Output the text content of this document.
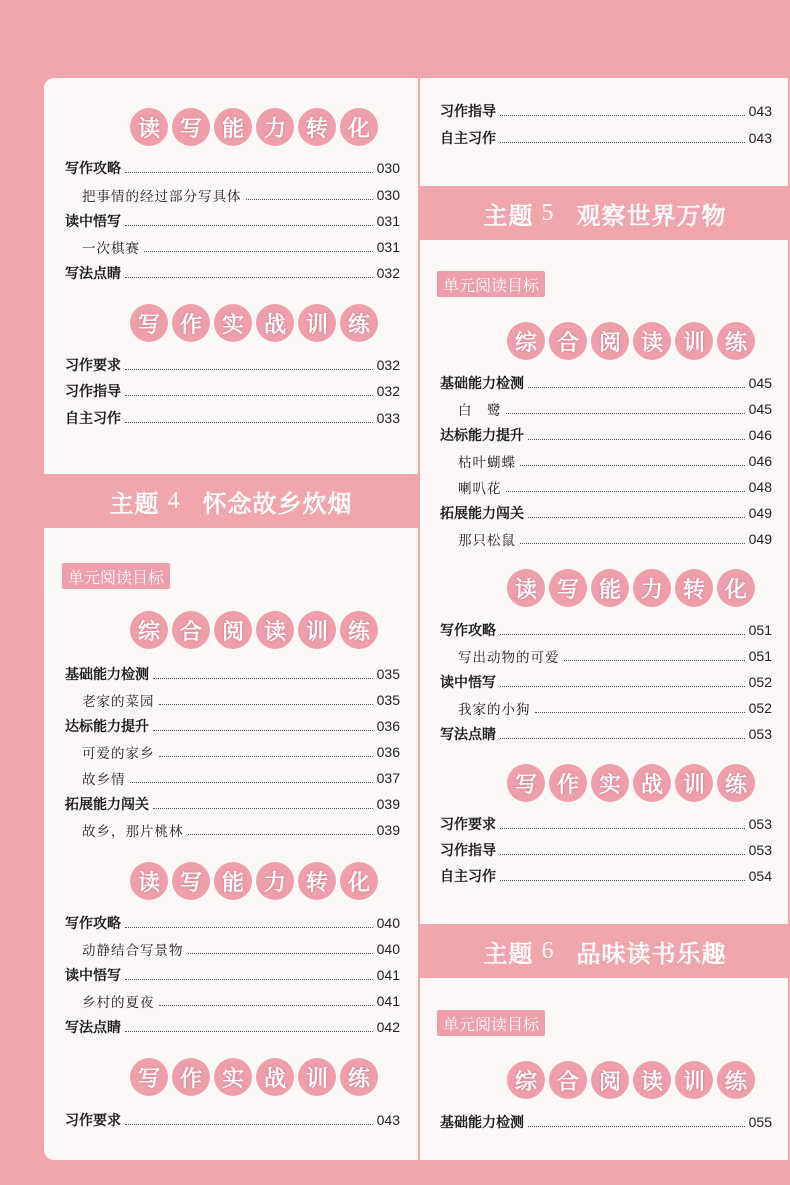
读 写 能 力 转 化
写作攻略	030
把事情的经过部分写具体	030
读中悟写	031
一次棋赛	031
写法点睛	032
写 作 实 战 训 练
习作要求	032
习作指导	032
自主习作	033
主题 4 怀念故乡炊烟
单元阅读目标
综 合 阅 读 训 练
基础能力检测	035
老家的菜园	035
达标能力提升	036
可爱的家乡	036
故乡情	037
拓展能力闯关	039
故乡，那片桃林	039
读 写 能 力 转 化
写作攻略	040
动静结合写景物	040
读中悟写	041
乡村的夏夜	041
写法点睛	042
写 作 实 战 训 练
习作要求	043
习作指导	043
自主习作	043
主题 5 观察世界万物
单元阅读目标
综 合 阅 读 训 练
基础能力检测	045
白　鹭	045
达标能力提升	046
枯叶蝴蝶	046
喇叭花	048
拓展能力闯关	049
那只松鼠	049
读 写 能 力 转 化
写作攻略	051
写出动物的可爱	051
读中悟写	052
我家的小狗	052
写法点睛	053
写 作 实 战 训 练
习作要求	053
习作指导	053
自主习作	054
主题 6 品味读书乐趣
单元阅读目标
综 合 阅 读 训 练
基础能力检测	055
